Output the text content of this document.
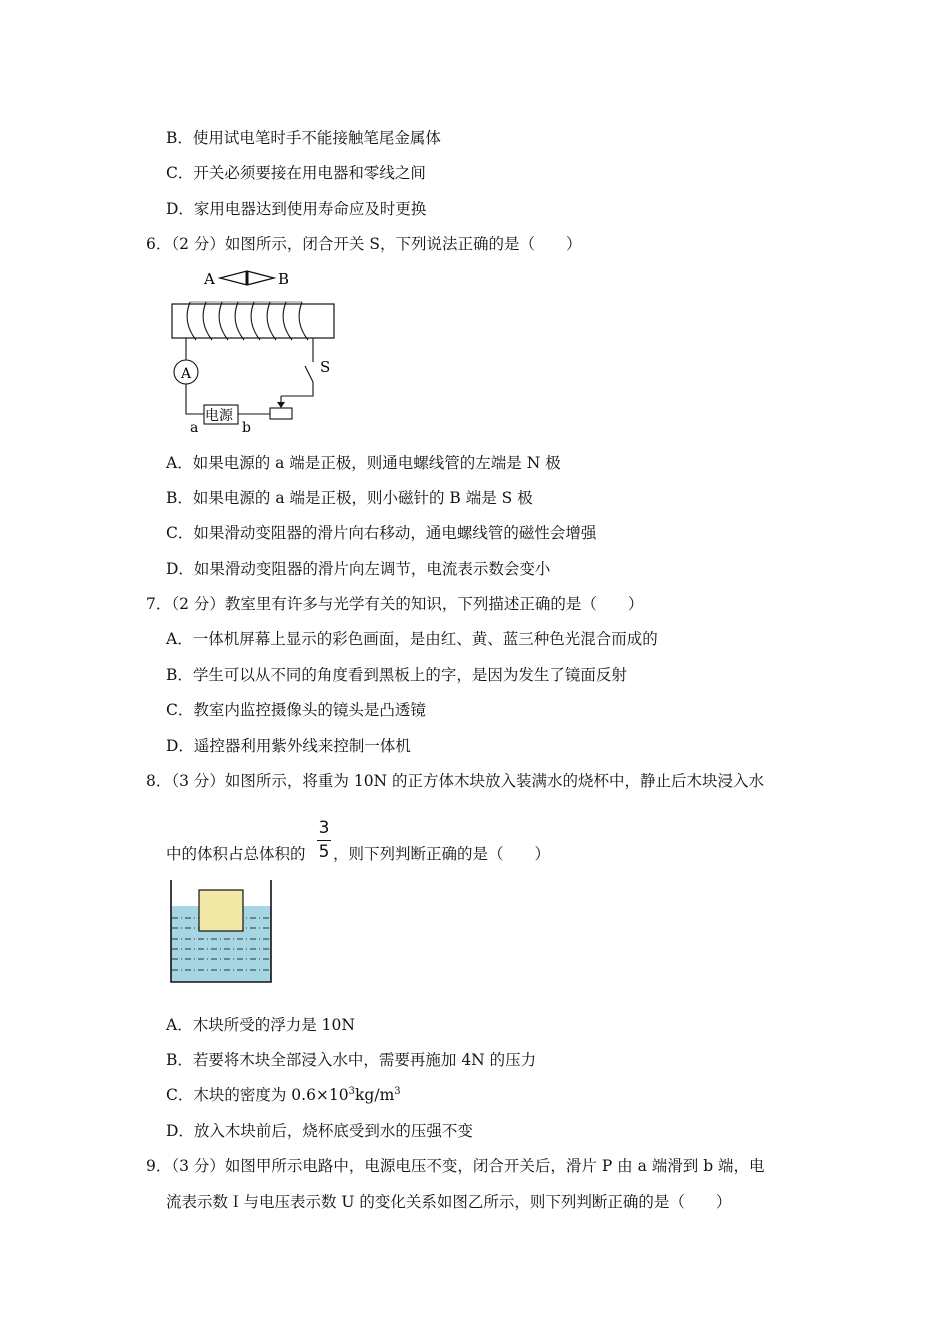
B．使用试电笔时手不能接触笔尾金属体
C．开关必须要接在用电器和零线之间
D．家用电器达到使用寿命应及时更换
6．（2 分）如图所示，闭合开关 S，下列说法正确的是（　　）
A	B
A
电源
a	b
S
A．如果电源的 a 端是正极，则通电螺线管的左端是 N 极
B．如果电源的 a 端是正极，则小磁针的 B 端是 S 极
C．如果滑动变阻器的滑片向右移动，通电螺线管的磁性会增强
D．如果滑动变阻器的滑片向左调节，电流表示数会变小
7．（2 分）教室里有许多与光学有关的知识，下列描述正确的是（　　）
A．一体机屏幕上显示的彩色画面，是由红、黄、蓝三种色光混合而成的
B．学生可以从不同的角度看到黑板上的字，是因为发生了镜面反射
C．教室内监控摄像头的镜头是凸透镜
D．遥控器利用紫外线来控制一体机
8．（3 分）如图所示，将重为 10N 的正方体木块放入装满水的烧杯中，静止后木块浸入水
中的体积占总体积的
3
5 ，则下列判断正确的是（　　）
A．木块所受的浮力是 10N
B．若要将木块全部浸入水中，需要再施加 4N 的压力
C．木块的密度为 $0.6\times 10^3kg/m^3$
D．放入木块前后，烧杯底受到水的压强不变
9．（3 分）如图甲所示电路中，电源电压不变，闭合开关后，滑片 P 由 a 端滑到 b 端，电
流表示数Ｉ与电压表示数 U 的变化关系如图乙所示，则下列判断正确的是（　　）
